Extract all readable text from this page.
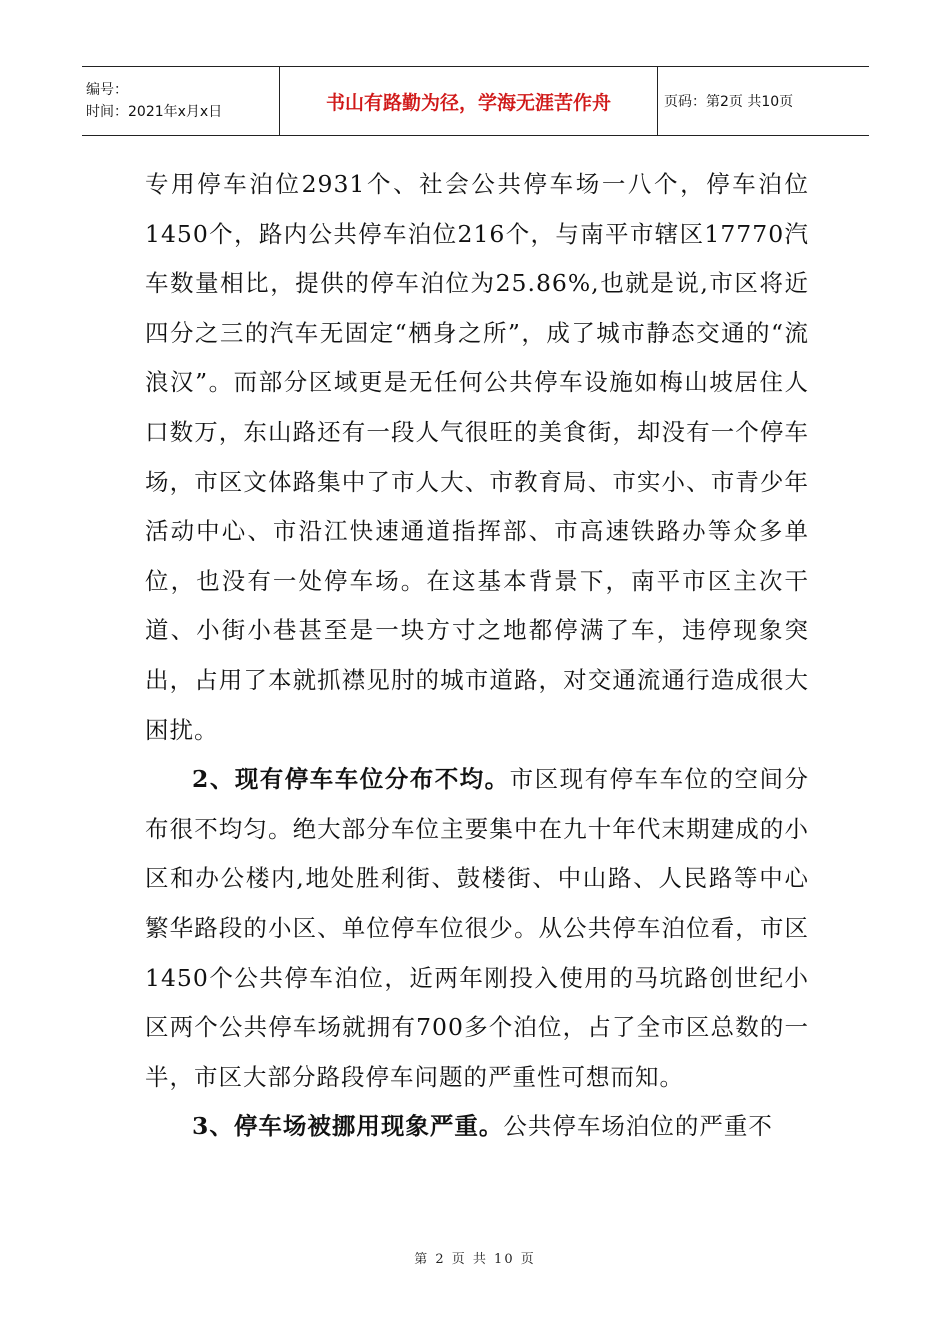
编号：
时间：2021年x月x日	书山有路勤为径，学海无涯苦作舟	页码：第2页 共10页

专用停车泊位2931个、社会公共停车场一八个，停车泊位1450个，路内公共停车泊位216个，与南平市辖区17770汽车数量相比，提供的停车泊位为25.86%,也就是说,市区将近四分之三的汽车无固定“栖身之所”，成了城市静态交通的“流浪汉”。而部分区域更是无任何公共停车设施如梅山坡居住人口数万，东山路还有一段人气很旺的美食街，却没有一个停车场，市区文体路集中了市人大、市教育局、市实小、市青少年活动中心、市沿江快速通道指挥部、市高速铁路办等众多单位，也没有一处停车场。在这基本背景下，南平市区主次干道、小街小巷甚至是一块方寸之地都停满了车，违停现象突出，占用了本就抓襟见肘的城市道路，对交通流通行造成很大困扰。

2、现有停车车位分布不均。市区现有停车车位的空间分布很不均匀。绝大部分车位主要集中在九十年代末期建成的小区和办公楼内,地处胜利街、鼓楼街、中山路、人民路等中心繁华路段的小区、单位停车位很少。从公共停车泊位看，市区1450个公共停车泊位，近两年刚投入使用的马坑路创世纪小区两个公共停车场就拥有700多个泊位，占了全市区总数的一半，市区大部分路段停车问题的严重性可想而知。

3、停车场被挪用现象严重。公共停车场泊位的严重不

第 2 页 共 10 页
